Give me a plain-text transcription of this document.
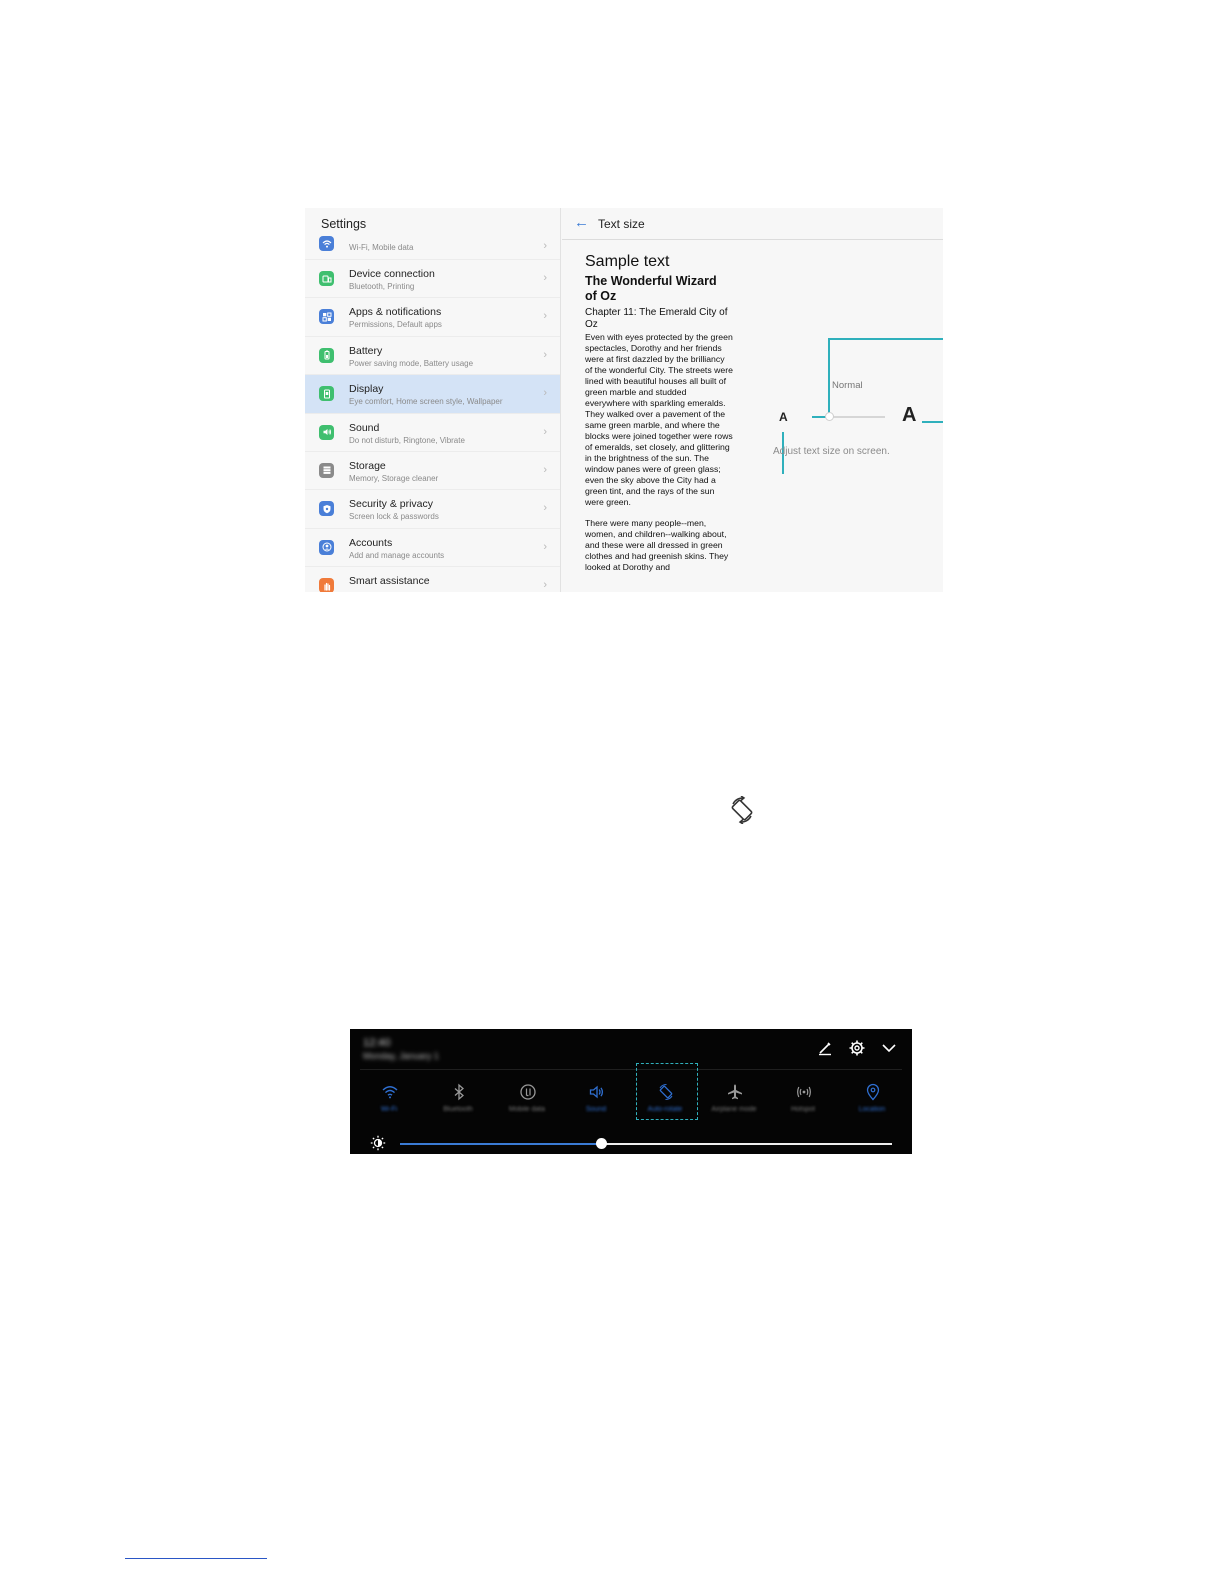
Settings
Wi-Fi, Mobile data	›
Device connection
Bluetooth, Printing
›
Apps & notifications
Permissions, Default apps
›
Battery
Power saving mode, Battery usage
›
Display
Eye comfort, Home screen style, Wallpaper
›
Sound
Do not disturb, Ringtone, Vibrate
›
Storage
Memory, Storage cleaner
›
Security & privacy
Screen lock & passwords
›
Accounts
Add and manage accounts
›
Smart assistance	›
← Text size
Sample text
The Wonderful Wizard of Oz
Chapter 11: The Emerald City of Oz
Even with eyes protected by the green spectacles, Dorothy and her friends were at first dazzled by the brilliancy of the wonderful City. The streets were lined with beautiful houses all built of green marble and studded everywhere with sparkling emeralds. They walked over a pavement of the same green marble, and where the blocks were joined together were rows of emeralds, set closely, and glittering in the brightness of the sun. The window panes were of green glass; even the sky above the City had a green tint, and the rays of the sun were green.
There were many people--men, women, and children--walking about, and these were all dressed in green clothes and had greenish skins. They looked at Dorothy and
Normal
A	A
Adjust text size on screen.
12:40
Monday, January 1
Wi-Fi	Bluetooth	Mobile data	Sound	Auto-rotate	Airplane mode	Hotspot	Location
